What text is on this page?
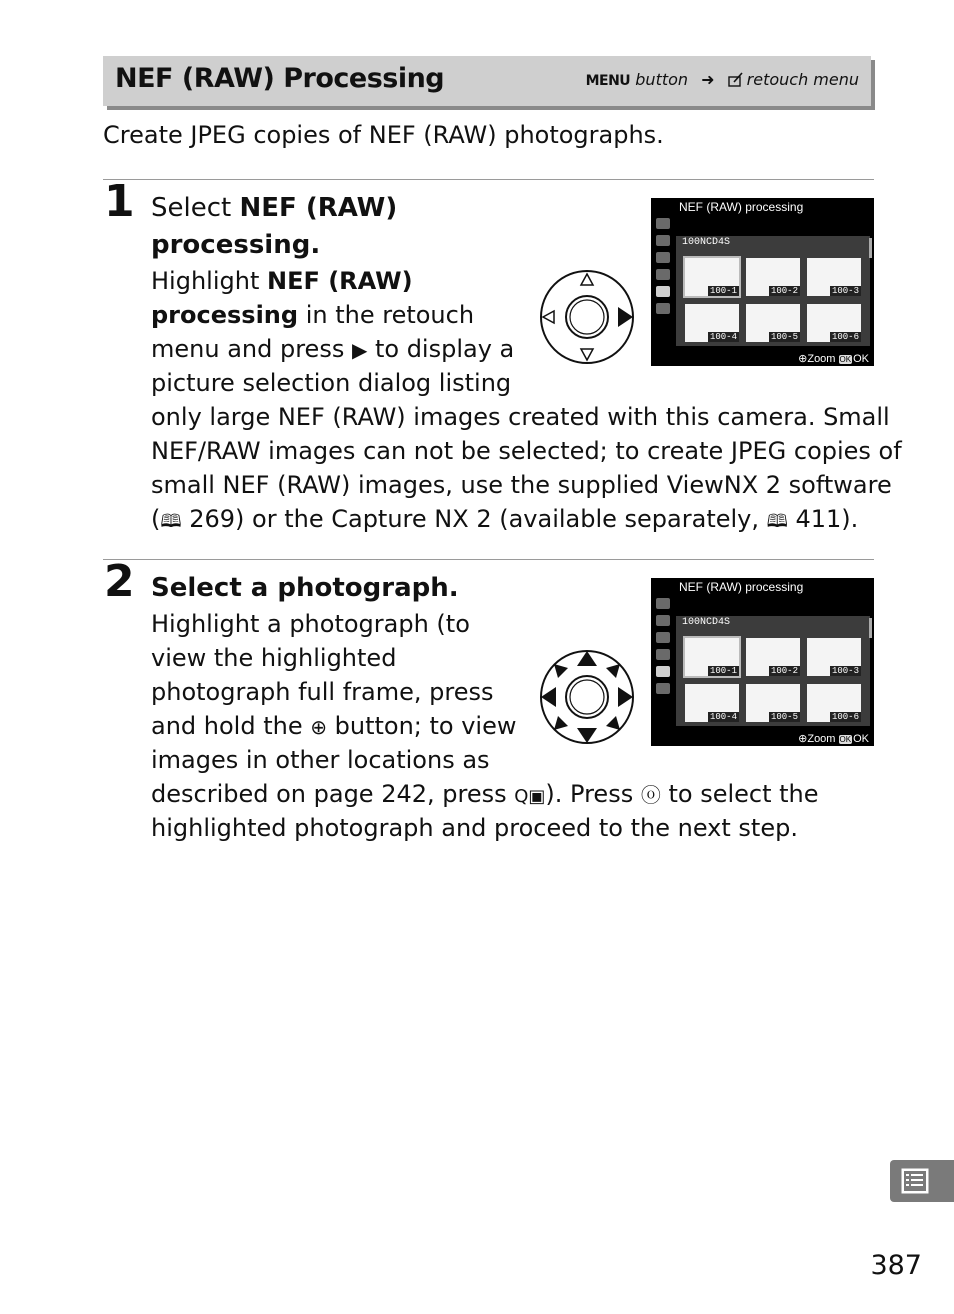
NEF (RAW) Processing	MENU button ➜ retouch menu
Create JPEG copies of NEF (RAW) photographs.
1 Select NEF (RAW)
processing.
Highlight NEF (RAW)
processing in the retouch
menu and press ▶ to display a
picture selection dialog listing
only large NEF (RAW) images created with this camera. Small
NEF/RAW images can not be selected; to create JPEG copies of
small NEF (RAW) images, use the supplied ViewNX 2 software
(🕮 269) or the Capture NX 2 (available separately, 🕮 411).
NEF (RAW) processing
100NCD4S
100-1	100-2	100-3
100-4	100-5	100-6
⊕Zoom OK OK
2 Select a photograph.
Highlight a photograph (to
view the highlighted
photograph full frame, press
and hold the ⊕ button; to view
images in other locations as
described on page 242, press Q▣). Press ⓞ to select the
highlighted photograph and proceed to the next step.
NEF (RAW) processing
100NCD4S
100-1	100-2	100-3
100-4	100-5	100-6
⊕Zoom OK OK
387
